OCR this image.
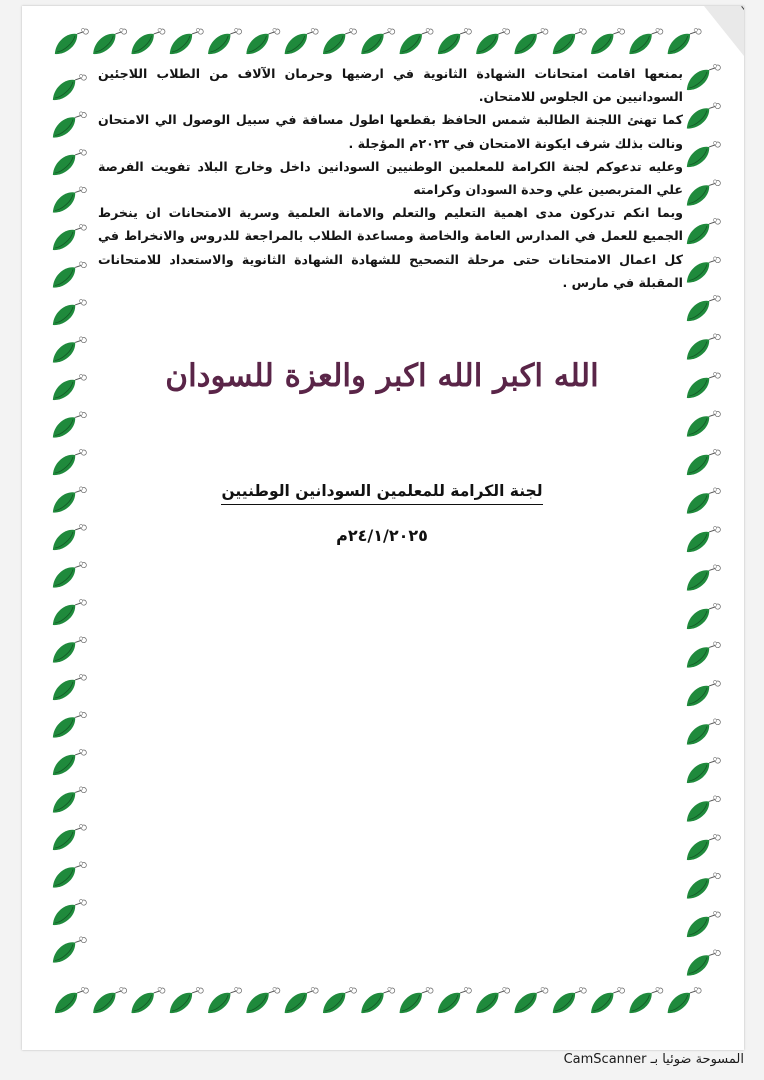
بمنعها اقامت امتحانات الشهادة الثانوية في ارضيها وحرمان الآلاف من الطلاب اللاجئين السودانيين من الجلوس للامتحان.

كما تهنئ اللجنة الطالبة شمس الحافظ بقطعها اطول مسافة في سبيل الوصول الي الامتحان ونالت بذلك شرف ايكونة الامتحان في ٢٠٢٣م المؤجلة .

وعليه تدعوكم لجنة الكرامة للمعلمين الوطنيين السودانين داخل وخارج البلاد تفويت الفرصة علي المتربصين علي وحدة السودان وكرامته

وبما انكم تدركون مدى اهمية التعليم والتعلم والامانة العلمية وسرية الامتحانات ان ينخرط الجميع للعمل في المدارس العامة والخاصة ومساعدة الطلاب بالمراجعة للدروس والانخراط في كل اعمال الامتحانات حتى مرحلة التصحيح للشهادة الشهادة الثانوية والاستعداد للامتحانات المقبلة في مارس .

الله اكبر الله اكبر والعزة للسودان
لجنة الكرامة للمعلمين السودانين الوطنيين
٢٤/١/٢٠٢٥م
المسوحة ضوئيا بـ CamScanner
